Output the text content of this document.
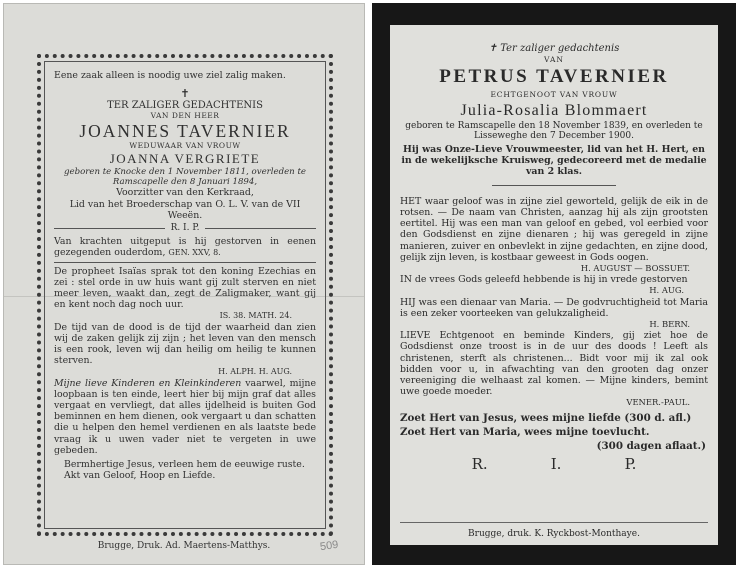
Eene zaak alleen is noodig uwe ziel zalig maken.

✝

TER ZALIGER GEDACHTENIS

VAN DEN HEER

JOANNES TAVERNIER

WEDUWAAR VAN VROUW

JOANNA VERGRIETE

geboren te Knocke den 1 November 1811, overleden te Ramscapelle den 8 Januari 1894,

Voorzitter van den Kerkraad,

Lid van het Broederschap van O. L. V. van de VII Weeën.

R. I. P.

Van krachten uitgeput is hij gestorven in eenen gezegenden ouderdom, GEN. XXV, 8.

De propheet Isaïas sprak tot den koning Ezechias en zei : stel orde in uw huis want gij zult sterven en niet meer leven, waakt dan, zegt de Zaligmaker, want gij en kent noch dag noch uur.

IS. 38. MATH. 24.

De tijd van de dood is de tijd der waarheid dan zien wij de zaken gelijk zij zijn ; het leven van den mensch is een rook, leven wij dan heilig om heilig te kunnen sterven.

H. ALPH. H. AUG.

Mijne lieve Kinderen en Kleinkinderen vaarwel, mijne loopbaan is ten einde, leert hier bij mijn graf dat alles vergaat en vervliegt, dat alles ijdelheid is buiten God beminnen en hem dienen, ook vergaart u dan schatten die u helpen den hemel verdienen en als laatste bede vraag ik u uwen vader niet te vergeten in uwe gebeden.

Bermhertige Jesus, verleen hem de eeuwige ruste.

Akt van Geloof, Hoop en Liefde.

Brugge, Druk. Ad. Maertens-Matthys.	509

✝ Ter zaliger gedachtenis

VAN

PETRUS TAVERNIER

ECHTGENOOT VAN VROUW

Julia-Rosalia Blommaert

geboren te Ramscapelle den 18 November 1839, en overleden te Lisseweghe den 7 December 1900.

Hij was Onze-Lieve Vrouwmeester, lid van het H. Hert, en in de wekelijksche Kruisweg, gedecoreerd met de medalie van 2 klas.

HET waar geloof was in zijne ziel geworteld, gelijk de eik in de rotsen. — De naam van Christen, aanzag hij als zijn grootsten eertitel. Hij was een man van geloof en gebed, vol eerbied voor den Godsdienst en zijne dienaren ; hij was geregeld in zijne manieren, zuiver en onbevlekt in zijne gedachten, en zijne dood, gelijk zijn leven, is kostbaar geweest in Gods oogen.

H. AUGUST — BOSSUET.

IN de vrees Gods geleefd hebbende is hij in vrede gestorven

H. AUG.

HIJ was een dienaar van Maria. — De godvruchtigheid tot Maria is een zeker voorteeken van gelukzaligheid.

H. BERN.

LIEVE Echtgenoot en beminde Kinders, gij ziet hoe de Godsdienst onze troost is in de uur des doods ! Leeft als christenen, sterft als christenen... Bidt voor mij ik zal ook bidden voor u, in afwachting van den grooten dag onzer vereeniging die welhaast zal komen. — Mijne kinders, bemint uwe goede moeder.

VENER.-PAUL.

Zoet Hert van Jesus, wees mijne liefde (300 d. afl.)

Zoet Hert van Maria, wees mijne toevlucht.

(300 dagen aflaat.)

R.	I.	P.
Brugge, druk. K. Ryckbost-Monthaye.
